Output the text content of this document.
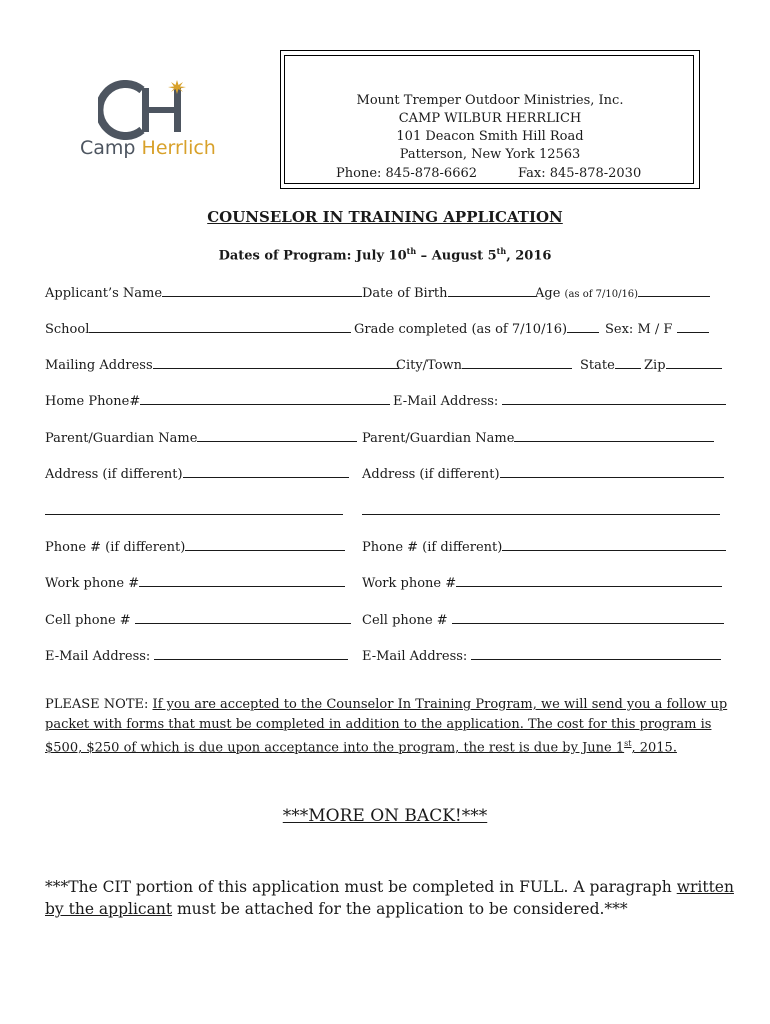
Camp Herrlich
Mount Tremper Outdoor Ministries, Inc.
CAMP WILBUR HERRLICH
101 Deacon Smith Hill Road
Patterson, New York 12563
Phone: 845-878-6662	Fax: 845-878-2030
COUNSELOR IN TRAINING APPLICATION
Dates of Program: July 10th – August 5th, 2016
Applicant’s Name	Date of Birth	Age (as of 7/10/16)
School	Grade completed (as of 7/10/16)	Sex: M / F
Mailing Address	City/Town	State	Zip
Home Phone#	E-Mail Address:
Parent/Guardian Name	Parent/Guardian Name
Address (if different)	Address (if different)
Phone # (if different)	Phone # (if different)
Work phone #	Work phone #
Cell phone #	Cell phone #
E-Mail Address:	E-Mail Address:
PLEASE NOTE: If you are accepted to the Counselor In Training Program, we will send you a follow up packet with forms that must be completed in addition to the application. The cost for this program is $500, $250 of which is due upon acceptance into the program, the rest is due by June 1st, 2015.
***MORE ON BACK!***
***The CIT portion of this application must be completed in FULL. A paragraph written by the applicant must be attached for the application to be considered.***
